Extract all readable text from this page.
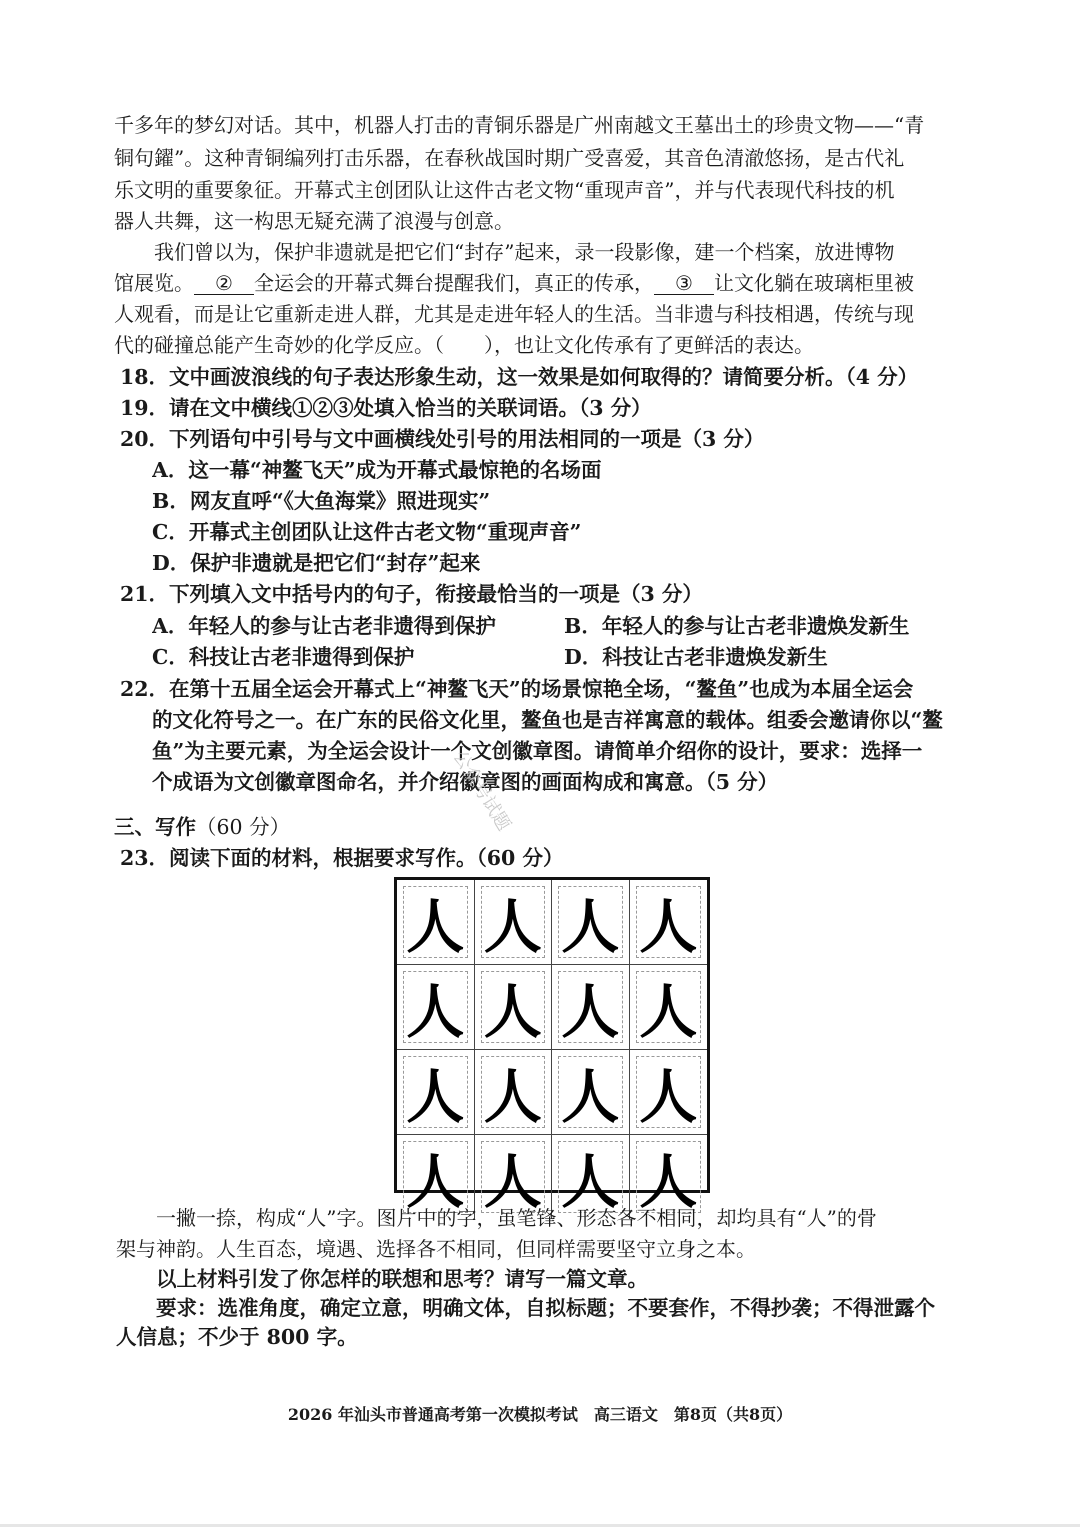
千多年的梦幻对话。其中，机器人打击的青铜乐器是广州南越文王墓出土的珍贵文物——“青
铜句鑃”。这种青铜编列打击乐器，在春秋战国时期广受喜爱，其音色清澈悠扬，是古代礼
乐文明的重要象征。开幕式主创团队让这件古老文物“重现声音”，并与代表现代科技的机
器人共舞，这一构思无疑充满了浪漫与创意。
我们曾以为，保护非遗就是把它们“封存”起来，录一段影像，建一个档案，放进博物
馆展览。 ② 全运会的开幕式舞台提醒我们，真正的传承， ③ 让文化躺在玻璃柜里被
人观看，而是让它重新走进人群，尤其是走进年轻人的生活。当非遗与科技相遇，传统与现
代的碰撞总能产生奇妙的化学反应。（　　），也让文化传承有了更鲜活的表达。
18．文中画波浪线的句子表达形象生动，这一效果是如何取得的？请简要分析。（4 分）
19．请在文中横线①②③处填入恰当的关联词语。（3 分）
20．下列语句中引号与文中画横线处引号的用法相同的一项是（3 分）
A．这一幕“神鳌飞天”成为开幕式最惊艳的名场面
B．网友直呼“《大鱼海棠》照进现实”
C．开幕式主创团队让这件古老文物“重现声音”
D．保护非遗就是把它们“封存”起来
21．下列填入文中括号内的句子，衔接最恰当的一项是（3 分）
A．年轻人的参与让古老非遗得到保护	B．年轻人的参与让古老非遗焕发新生
C．科技让古老非遗得到保护	D．科技让古老非遗焕发新生
22．在第十五届全运会开幕式上“神鳌飞天”的场景惊艳全场，“鳌鱼”也成为本届全运会
的文化符号之一。在广东的民俗文化里，鳌鱼也是吉祥寓意的载体。组委会邀请你以“鳌
鱼”为主要元素，为全运会设计一个文创徽章图。请简单介绍你的设计，要求：选择一
个成语为文创徽章图命名，并介绍徽章图的画面构成和寓意。（5 分）
公众号试题
三、写作（60 分）
23．阅读下面的材料，根据要求写作。（60 分）
人 人 人 人
人 人 人 人
人 人 人 人
人 人 人 人
一撇一捺，构成“人”字。图片中的字，虽笔锋、形态各不相同，却均具有“人”的骨
架与神韵。人生百态，境遇、选择各不相同，但同样需要坚守立身之本。
以上材料引发了你怎样的联想和思考？请写一篇文章。
要求：选准角度，确定立意，明确文体，自拟标题；不要套作，不得抄袭；不得泄露个
人信息；不少于 800 字。
2026 年汕头市普通高考第一次模拟考试　高三语文　第8页（共8页）
